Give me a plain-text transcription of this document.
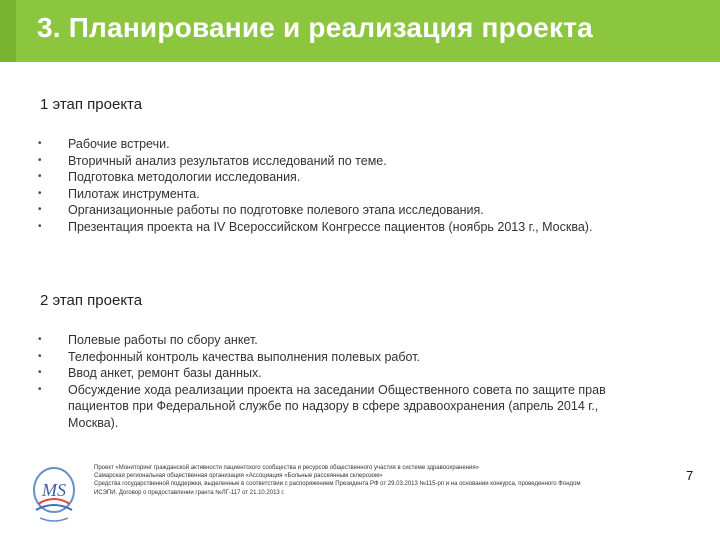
3. Планирование и реализация проекта
1 этап проекта
• Рабочие встречи.
• Вторичный анализ результатов исследований по теме.
• Подготовка методологии исследования.
• Пилотаж инструмента.
• Организационные работы по подготовке полевого этапа исследования.
• Презентация проекта на IV Всероссийском Конгрессе пациентов (ноябрь 2013 г., Москва).
2 этап проекта
• Полевые работы по сбору анкет.
• Телефонный контроль качества выполнения полевых работ.
• Ввод анкет, ремонт базы данных.
• Обсуждение хода реализации проекта на заседании Общественного совета по защите прав пациентов при Федеральной службе по надзору в сфере здравоохранения (апрель 2014 г., Москва).
MS
Проект «Мониторинг гражданской активности пациентского сообщества и ресурсов общественного участия в системе здравоохранения»
Самарская региональная общественная организация «Ассоциация «Больные рассеянным склерозом»
Средства государственной поддержки, выделенные в соответствии с распоряжением Президента РФ от 29.03.2013 №115-рп и на основании конкурса, проведенного Фондом
ИСЭПИ. Договор о предоставлении гранта №ЛГ-117 от 21.10.2013 г.
7
